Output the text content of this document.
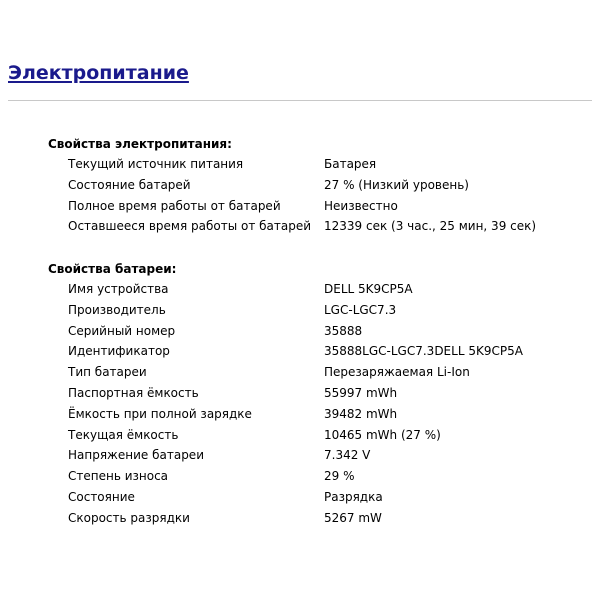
Электропитание
Свойства электропитания:
Текущий источник питания	Батарея
Состояние батарей	27 % (Низкий уровень)
Полное время работы от батарей	Неизвестно
Оставшееся время работы от батарей	12339 сек (3 час., 25 мин, 39 сек)
Свойства батареи:
Имя устройства	DELL 5K9CP5A
Производитель	LGC-LGC7.3
Серийный номер	35888
Идентификатор	35888LGC-LGC7.3DELL 5K9CP5A
Тип батареи	Перезаряжаемая Li-Ion
Паспортная ёмкость	55997 mWh
Ёмкость при полной зарядке	39482 mWh
Текущая ёмкость	10465 mWh (27 %)
Напряжение батареи	7.342 V
Степень износа	29 %
Состояние	Разрядка
Скорость разрядки	5267 mW
